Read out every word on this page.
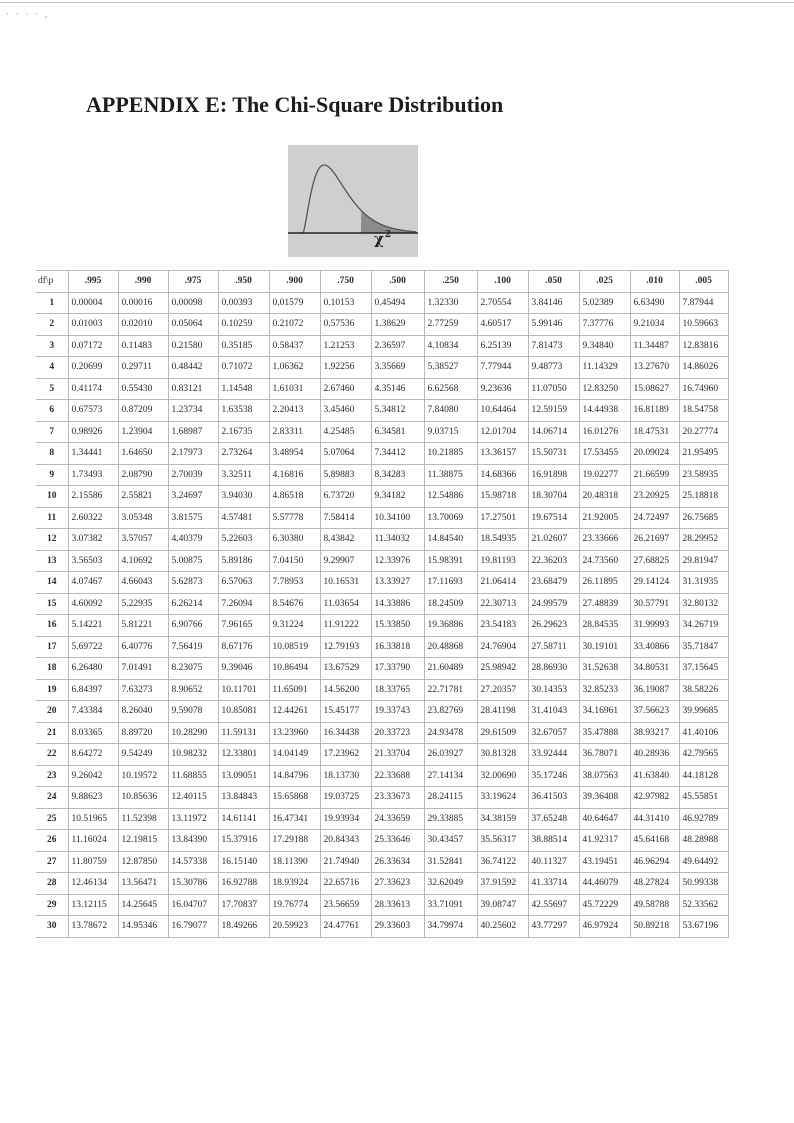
· · · · ,
APPENDIX E: The Chi-Square Distribution
$\chi^2$
df\p	.995	.990	.975	.950	.900	.750	.500	.250	.100	.050	.025	.010	.005
1	0.00004	0.00016	0.00098	0.00393	0.01579	0.10153	0.45494	1.32330	2.70554	3.84146	5.02389	6.63490	7.87944
2	0.01003	0.02010	0.05064	0.10259	0.21072	0.57536	1.38629	2.77259	4.60517	5.99146	7.37776	9.21034	10.59663
3	0.07172	0.11483	0.21580	0.35185	0.58437	1.21253	2.36597	4.10834	6.25139	7.81473	9.34840	11.34487	12.83816
4	0.20699	0.29711	0.48442	0.71072	1.06362	1.92256	3.35669	5.38527	7.77944	9.48773	11.14329	13.27670	14.86026
5	0.41174	0.55430	0.83121	1.14548	1.61031	2.67460	4.35146	6.62568	9.23636	11.07050	12.83250	15.08627	16.74960
6	0.67573	0.87209	1.23734	1.63538	2.20413	3.45460	5.34812	7.84080	10.64464	12.59159	14.44938	16.81189	18.54758
7	0.98926	1.23904	1.68987	2.16735	2.83311	4.25485	6.34581	9.03715	12.01704	14.06714	16.01276	18.47531	20.27774
8	1.34441	1.64650	2.17973	2.73264	3.48954	5.07064	7.34412	10.21885	13.36157	15.50731	17.53455	20.09024	21.95495
9	1.73493	2.08790	2.70039	3.32511	4.16816	5.89883	8.34283	11.38875	14.68366	16.91898	19.02277	21.66599	23.58935
10	2.15586	2.55821	3.24697	3.94030	4.86518	6.73720	9.34182	12.54886	15.98718	18.30704	20.48318	23.20925	25.18818
11	2.60322	3.05348	3.81575	4.57481	5.57778	7.58414	10.34100	13.70069	17.27501	19.67514	21.92005	24.72497	26.75685
12	3.07382	3.57057	4.40379	5.22603	6.30380	8.43842	11.34032	14.84540	18.54935	21.02607	23.33666	26.21697	28.29952
13	3.56503	4.10692	5.00875	5.89186	7.04150	9.29907	12.33976	15.98391	19.81193	22.36203	24.73560	27.68825	29.81947
14	4.07467	4.66043	5.62873	6.57063	7.78953	10.16531	13.33927	17.11693	21.06414	23.68479	26.11895	29.14124	31.31935
15	4.60092	5.22935	6.26214	7.26094	8.54676	11.03654	14.33886	18.24509	22.30713	24.99579	27.48839	30.57791	32.80132
16	5.14221	5.81221	6.90766	7.96165	9.31224	11.91222	15.33850	19.36886	23.54183	26.29623	28.84535	31.99993	34.26719
17	5.69722	6.40776	7.56419	8.67176	10.08519	12.79193	16.33818	20.48868	24.76904	27.58711	30.19101	33.40866	35.71847
18	6.26480	7.01491	8.23075	9.39046	10.86494	13.67529	17.33790	21.60489	25.98942	28.86930	31.52638	34.80531	37.15645
19	6.84397	7.63273	8.90652	10.11701	11.65091	14.56200	18.33765	22.71781	27.20357	30.14353	32.85233	36.19087	38.58226
20	7.43384	8.26040	9.59078	10.85081	12.44261	15.45177	19.33743	23.82769	28.41198	31.41043	34.16961	37.56623	39.99685
21	8.03365	8.89720	10.28290	11.59131	13.23960	16.34438	20.33723	24.93478	29.61509	32.67057	35.47888	38.93217	41.40106
22	8.64272	9.54249	10.98232	12.33801	14.04149	17.23962	21.33704	26.03927	30.81328	33.92444	36.78071	40.28936	42.79565
23	9.26042	10.19572	11.68855	13.09051	14.84796	18.13730	22.33688	27.14134	32.00690	35.17246	38.07563	41.63840	44.18128
24	9.88623	10.85636	12.40115	13.84843	15.65868	19.03725	23.33673	28.24115	33.19624	36.41503	39.36408	42.97982	45.55851
25	10.51965	11.52398	13.11972	14.61141	16.47341	19.93934	24.33659	29.33885	34.38159	37.65248	40.64647	44.31410	46.92789
26	11.16024	12.19815	13.84390	15.37916	17.29188	20.84343	25.33646	30.43457	35.56317	38.88514	41.92317	45.64168	48.28988
27	11.80759	12.87850	14.57338	16.15140	18.11390	21.74940	26.33634	31.52841	36.74122	40.11327	43.19451	46.96294	49.64492
28	12.46134	13.56471	15.30786	16.92788	18.93924	22.65716	27.33623	32.62049	37.91592	41.33714	44.46079	48.27824	50.99338
29	13.12115	14.25645	16.04707	17.70837	19.76774	23.56659	28.33613	33.71091	39.08747	42.55697	45.72229	49.58788	52.33562
30	13.78672	14.95346	16.79077	18.49266	20.59923	24.47761	29.33603	34.79974	40.25602	43.77297	46.97924	50.89218	53.67196
